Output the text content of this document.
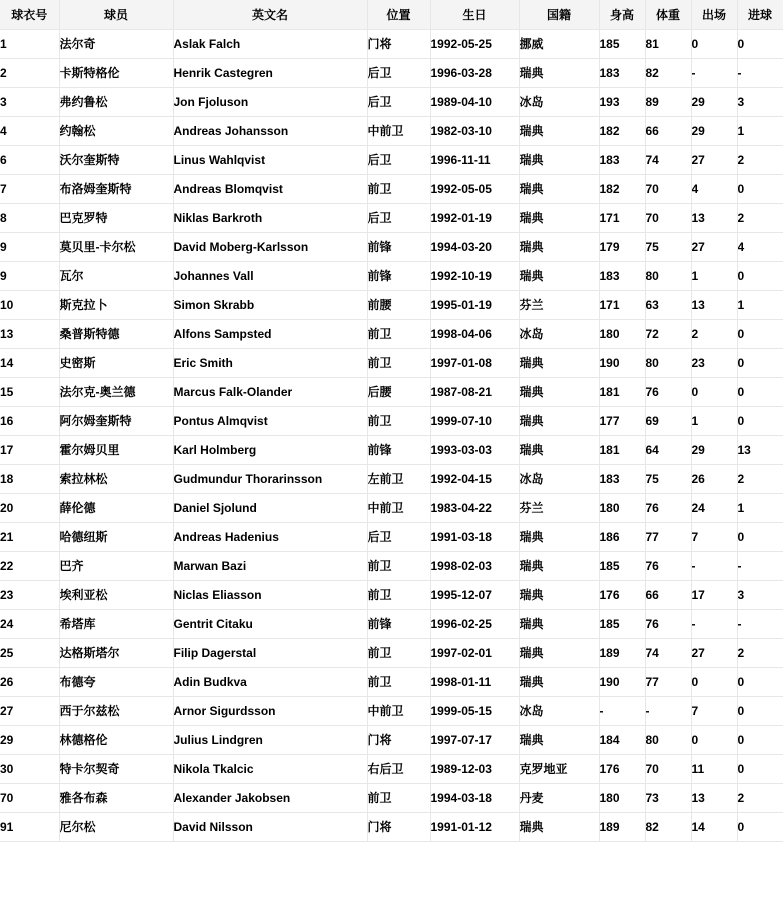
球衣号	球员	英文名	位置	生日	国籍	身高	体重	出场	进球
1	法尔奇	Aslak Falch	门将	1992-05-25	挪威	185	81	0	0
2	卡斯特格伦	Henrik Castegren	后卫	1996-03-28	瑞典	183	82	-	-
3	弗约鲁松	Jon Fjoluson	后卫	1989-04-10	冰岛	193	89	29	3
4	约翰松	Andreas Johansson	中前卫	1982-03-10	瑞典	182	66	29	1
6	沃尔奎斯特	Linus Wahlqvist	后卫	1996-11-11	瑞典	183	74	27	2
7	布洛姆奎斯特	Andreas Blomqvist	前卫	1992-05-05	瑞典	182	70	4	0
8	巴克罗特	Niklas Barkroth	后卫	1992-01-19	瑞典	171	70	13	2
9	莫贝里-卡尔松	David Moberg-Karlsson	前锋	1994-03-20	瑞典	179	75	27	4
9	瓦尔	Johannes Vall	前锋	1992-10-19	瑞典	183	80	1	0
10	斯克拉卜	Simon Skrabb	前腰	1995-01-19	芬兰	171	63	13	1
13	桑普斯特德	Alfons Sampsted	前卫	1998-04-06	冰岛	180	72	2	0
14	史密斯	Eric Smith	前卫	1997-01-08	瑞典	190	80	23	0
15	法尔克-奥兰德	Marcus Falk-Olander	后腰	1987-08-21	瑞典	181	76	0	0
16	阿尔姆奎斯特	Pontus Almqvist	前卫	1999-07-10	瑞典	177	69	1	0
17	霍尔姆贝里	Karl Holmberg	前锋	1993-03-03	瑞典	181	64	29	13
18	索拉林松	Gudmundur Thorarinsson	左前卫	1992-04-15	冰岛	183	75	26	2
20	薛伦德	Daniel Sjolund	中前卫	1983-04-22	芬兰	180	76	24	1
21	哈德纽斯	Andreas Hadenius	后卫	1991-03-18	瑞典	186	77	7	0
22	巴齐	Marwan Bazi	前卫	1998-02-03	瑞典	185	76	-	-
23	埃利亚松	Niclas Eliasson	前卫	1995-12-07	瑞典	176	66	17	3
24	希塔库	Gentrit Citaku	前锋	1996-02-25	瑞典	185	76	-	-
25	达格斯塔尔	Filip Dagerstal	前卫	1997-02-01	瑞典	189	74	27	2
26	布德夸	Adin Budkva	前卫	1998-01-11	瑞典	190	77	0	0
27	西于尔兹松	Arnor Sigurdsson	中前卫	1999-05-15	冰岛	-	-	7	0
29	林德格伦	Julius Lindgren	门将	1997-07-17	瑞典	184	80	0	0
30	特卡尔契奇	Nikola Tkalcic	右后卫	1989-12-03	克罗地亚	176	70	11	0
70	雅各布森	Alexander Jakobsen	前卫	1994-03-18	丹麦	180	73	13	2
91	尼尔松	David Nilsson	门将	1991-01-12	瑞典	189	82	14	0
